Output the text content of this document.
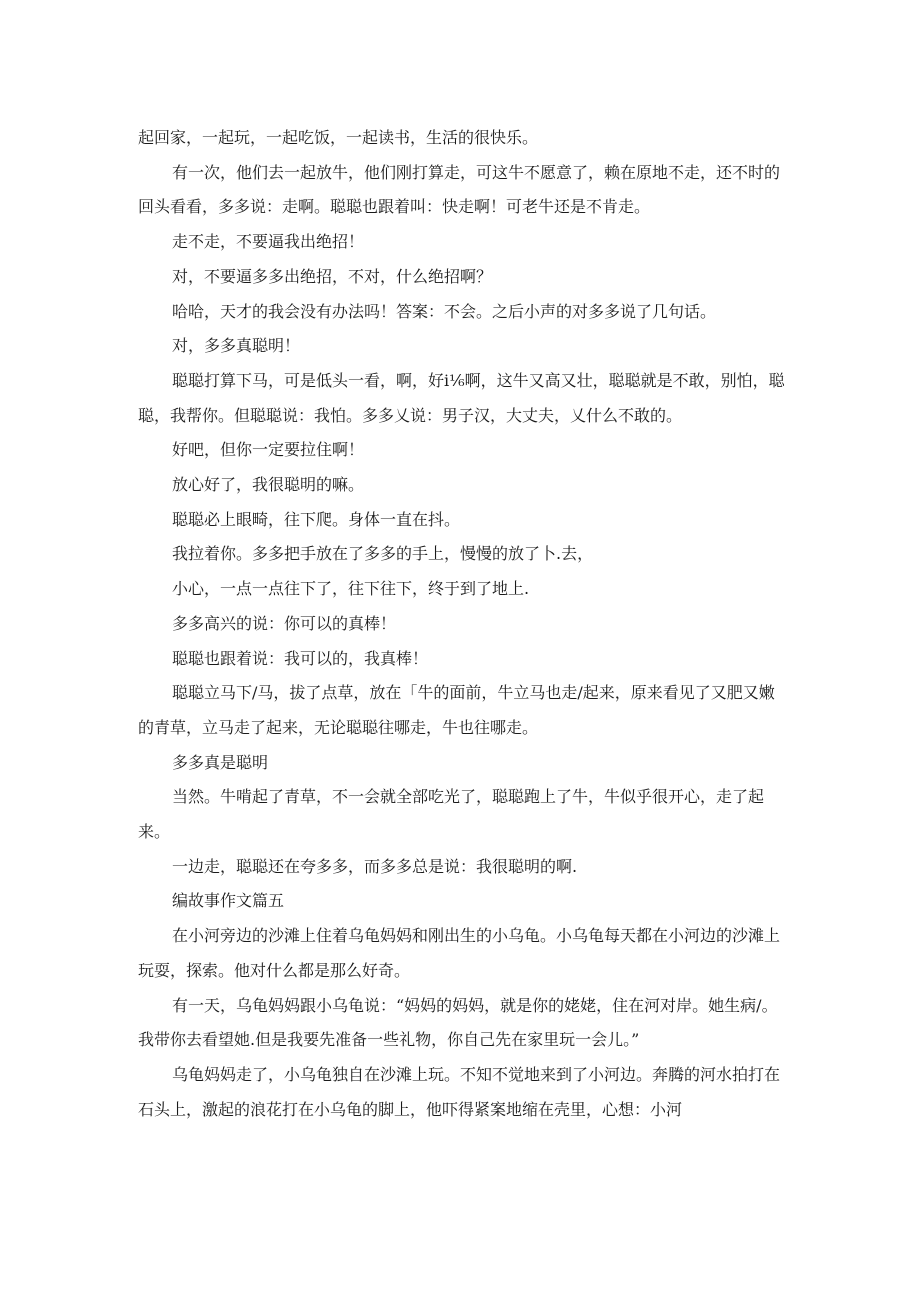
起回家，一起玩，一起吃饭，一起读书，生活的很快乐。

有一次，他们去一起放牛，他们刚打算走，可这牛不愿意了，赖在原地不走，还不时的回头看看，多多说：走啊。聪聪也跟着叫：快走啊！可老牛还是不肯走。

走不走，不要逼我出绝招！

对，不要逼多多出绝招，不对，什么绝招啊？

哈哈，天才的我会没有办法吗！答案：不会。之后小声的对多多说了几句话。

对，多多真聪明！

聪聪打算下马，可是低头一看，啊，好i⅙啊，这牛又高又壮，聪聪就是不敢，别怕，聪聪，我帮你。但聪聪说：我怕。多多乂说：男子汉，大丈夫，乂什么不敢的。

好吧，但你一定要拉住啊！

放心好了，我很聪明的嘛。

聪聪必上眼畸，往下爬。身体一直在抖。

我拉着你。多多把手放在了多多的手上，慢慢的放了卜.去，

小心，一点一点往下了，往下往下，终于到了地上.

多多高兴的说：你可以的真棒！

聪聪也跟着说：我可以的，我真棒！

聪聪立马下/马，拔了点草，放在「牛的面前，牛立马也走/起来，原来看见了又肥又嫩的青草，立马走了起来，无论聪聪往哪走，牛也往哪走。

多多真是聪明

当然。牛啃起了青草，不一会就全部吃光了，聪聪跑上了牛，牛似乎很开心，走了起来。

一边走，聪聪还在夸多多，而多多总是说：我很聪明的啊.

编故事作文篇五

在小河旁边的沙滩上住着乌龟妈妈和刚出生的小乌龟。小乌龟每天都在小河边的沙滩上玩耍，探索。他对什么都是那么好奇。

有一天，乌龟妈妈跟小乌龟说：“妈妈的妈妈，就是你的姥姥，住在河对岸。她生病/。我带你去看望她.但是我要先准备一些礼物，你自己先在家里玩一会儿。”

乌龟妈妈走了，小乌龟独自在沙滩上玩。不知不觉地来到了小河边。奔腾的河水拍打在石头上，激起的浪花打在小乌龟的脚上，他吓得紧案地缩在壳里，心想：小河
